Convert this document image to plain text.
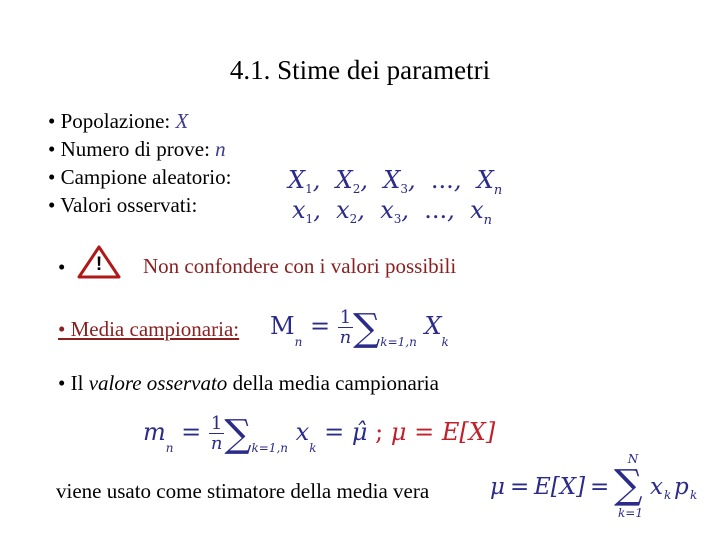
4.1. Stime dei parametri
• Popolazione: X
• Numero di prove: n
• Campione aleatorio:
• Valori osservati:
$X_1$, $X_2$, $X_3$, ..., $X_n$
$x_1$, $x_2$, $x_3$, ..., $x_n$
•	!	Non confondere con i valori possibili
• Media campionaria: $M_n = \frac{1}{n} \sum_{k=1,n}$ $X_k$
• Il valore osservato della media campionaria
$m_n = \frac{1}{n} \sum_{k=1,n}$ $x_k$ = μ̂ ; μ = E[X]
viene usato come stimatore della media vera	μ = E[X] =
N
∑
k=1
x k p k
